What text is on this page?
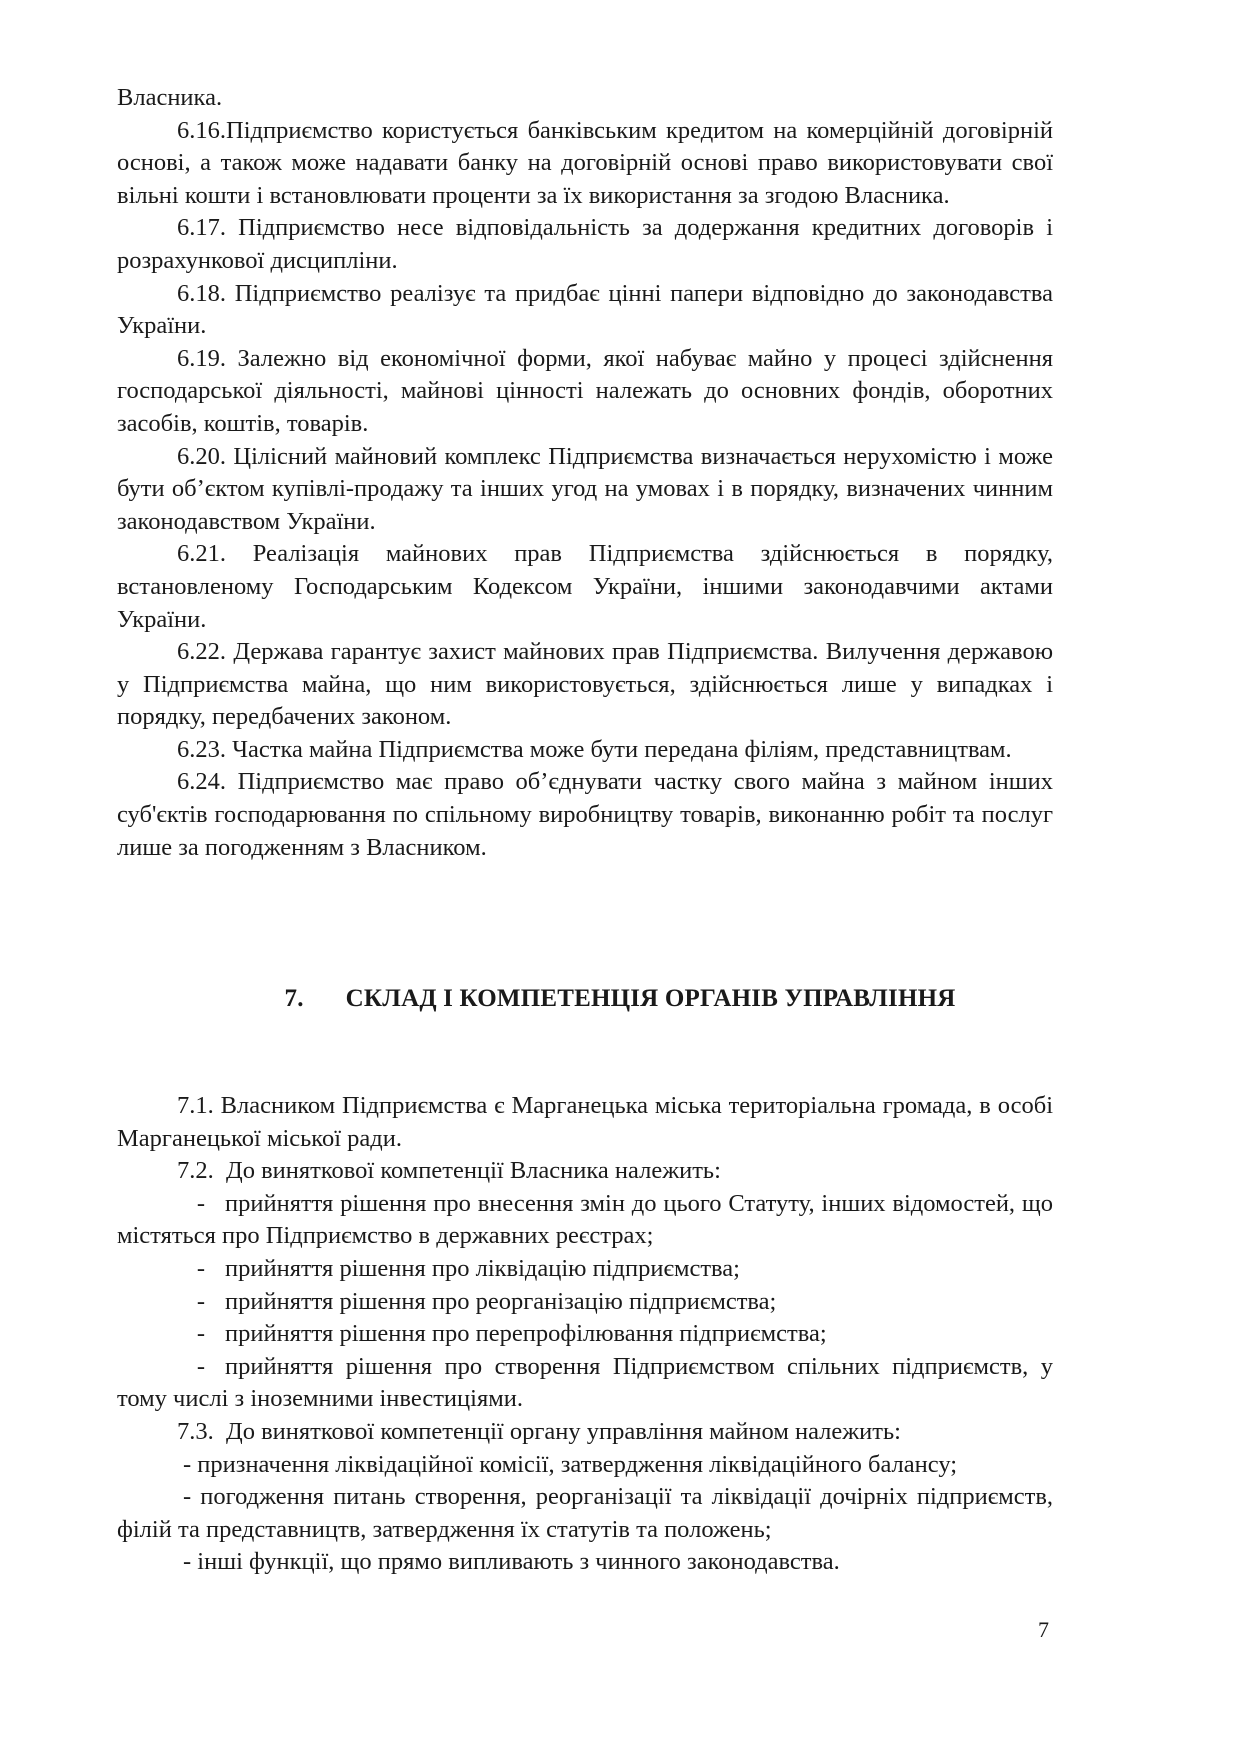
Власника.

6.16.Підприємство користується банківським кредитом на комерційній договірній основі, а також може надавати банку на договірній основі право використовувати свої вільні кошти і встановлювати проценти за їх використання за згодою Власника.

6.17. Підприємство несе відповідальність за додержання кредитних договорів і розрахункової дисципліни.

6.18. Підприємство реалізує та придбає цінні папери відповідно до законодавства України.

6.19. Залежно від економічної форми, якої набуває майно у процесі здійснення господарської діяльності, майнові цінності належать до основних фондів, оборотних засобів, коштів, товарів.

6.20. Цілісний майновий комплекс Підприємства визначається нерухомістю і може бути об’єктом купівлі-продажу та інших угод на умовах і в порядку, визначених чинним законодавством України.

6.21. Реалізація майнових прав Підприємства здійснюється в порядку, встановленому Господарським Кодексом України, іншими законодавчими актами України.

6.22. Держава гарантує захист майнових прав Підприємства. Вилучення державою у Підприємства майна, що ним використовується, здійснюється лише у випадках і порядку, передбачених законом.

6.23. Частка майна Підприємства може бути передана філіям, представництвам.

6.24. Підприємство має право об’єднувати частку свого майна з майном інших суб'єктів господарювання по спільному виробництву товарів, виконанню робіт та послуг лише за погодженням з Власником.

7. СКЛАД І КОМПЕТЕНЦІЯ ОРГАНІВ УПРАВЛІННЯ

7.1. Власником Підприємства є Марганецька міська територіальна громада, в особі Марганецької міської ради.

7.2. До виняткової компетенції Власника належить:

- прийняття рішення про внесення змін до цього Статуту, інших відомостей, що містяться про Підприємство в державних реєстрах;

- прийняття рішення про ліквідацію підприємства;

- прийняття рішення про реорганізацію підприємства;

- прийняття рішення про перепрофілювання підприємства;

- прийняття рішення про створення Підприємством спільних підприємств, у тому числі з іноземними інвестиціями.

7.3. До виняткової компетенції органу управління майном належить:

- призначення ліквідаційної комісії, затвердження ліквідаційного балансу;

- погодження питань створення, реорганізації та ліквідації дочірніх підприємств, філій та представництв, затвердження їх статутів та положень;

- інші функції, що прямо випливають з чинного законодавства.

7
